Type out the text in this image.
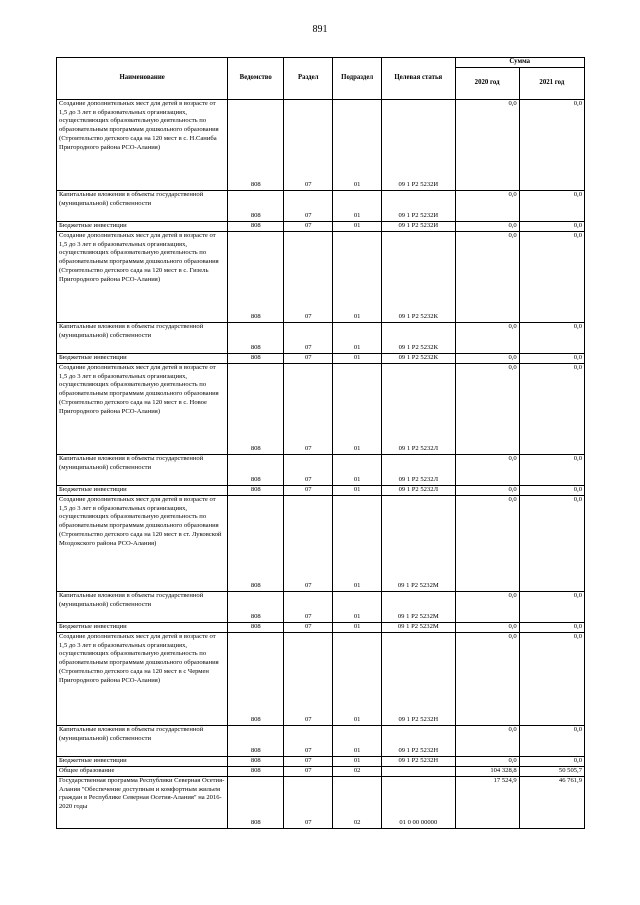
891
Наименование	Ведомство	Раздел	Подраздел	Целевая статья	Сумма	
					2020 год	2021 год
Создание дополнительных мест для детей в возрасте от 1,5 до 3 лет в образовательных организациях, осуществляющих образовательную деятельность по образовательным программам дошкольного образования (Строительство детского сада на 120 мест в с. Н.Саниба Пригородного района РСО-Алания)	808	07	01	09 1 P2 5232И	0,0	0,0
Капитальные вложения в объекты государственной (муниципальной) собственности	808	07	01	09 1 P2 5232И	0,0	0,0
Бюджетные инвестиции	808	07	01	09 1 P2 5232И	0,0	0,0
Создание дополнительных мест для детей в возрасте от 1,5 до 3 лет в образовательных организациях, осуществляющих образовательную деятельность по образовательным программам дошкольного образования (Строительство детского сада на 120 мест в с. Гизель Пригородного района РСО-Алания)	808	07	01	09 1 P2 5232К	0,0	0,0
Капитальные вложения в объекты государственной (муниципальной) собственности	808	07	01	09 1 P2 5232К	0,0	0,0
Бюджетные инвестиции	808	07	01	09 1 P2 5232К	0,0	0,0
Создание дополнительных мест для детей в возрасте от 1,5 до 3 лет в образовательных организациях, осуществляющих образовательную деятельность по образовательным программам дошкольного образования (Строительство детского сада на 120 мест в с. Новое Пригородного района РСО-Алания)	808	07	01	09 1 P2 5232Л	0,0	0,0
Капитальные вложения в объекты государственной (муниципальной) собственности	808	07	01	09 1 P2 5232Л	0,0	0,0
Бюджетные инвестиции	808	07	01	09 1 P2 5232Л	0,0	0,0
Создание дополнительных мест для детей в возрасте от 1,5 до 3 лет в образовательных организациях, осуществляющих образовательную деятельность по образовательным программам дошкольного образования (Строительство детского сада на 120 мест в ст. Луковской Моздокского района РСО-Алания)	808	07	01	09 1 P2 5232М	0,0	0,0
Капитальные вложения в объекты государственной (муниципальной) собственности	808	07	01	09 1 P2 5232М	0,0	0,0
Бюджетные инвестиции	808	07	01	09 1 P2 5232М	0,0	0,0
Создание дополнительных мест для детей в возрасте от 1,5 до 3 лет в образовательных организациях, осуществляющих образовательную деятельность по образовательным программам дошкольного образования (Строительство детского сада на 120 мест в с Чермен Пригородного района РСО-Алания)	808	07	01	09 1 P2 5232Н	0,0	0,0
Капитальные вложения в объекты государственной (муниципальной) собственности	808	07	01	09 1 P2 5232Н	0,0	0,0
Бюджетные инвестиции	808	07	01	09 1 P2 5232Н	0,0	0,0
Общее образование	808	07	02		104 328,8	50 505,7
Государственная программа Республики Северная Осетия-Алания "Обеспечение доступным и комфортным жильем граждан в Республике Северная Осетия-Алания" на 2016-2020 годы	808	07	02	01 0 00 00000	17 524,9	46 761,9
